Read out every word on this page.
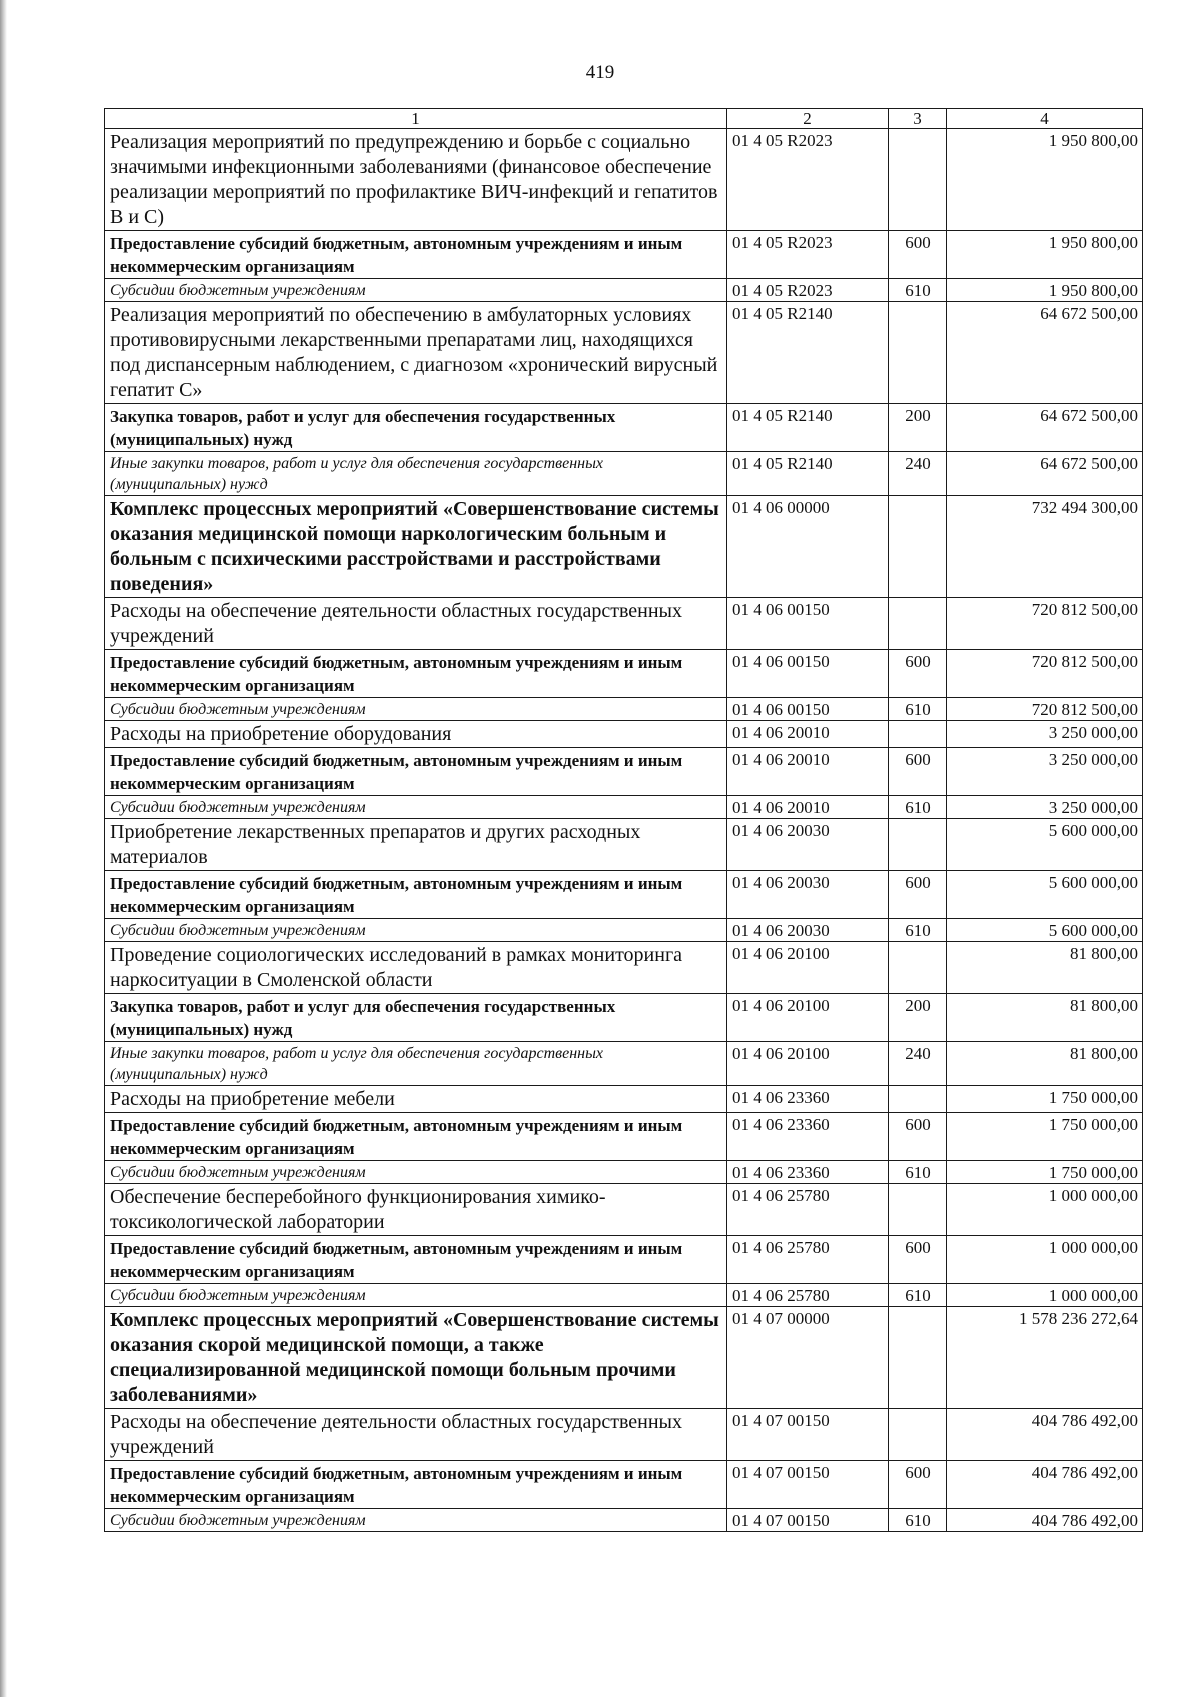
419
1	2	3	4
Реализация мероприятий по предупреждению и борьбе с социально значимыми инфекционными заболеваниями (финансовое обеспечение реализации мероприятий по профилактике ВИЧ-инфекций и гепатитов В и С)	01 4 05 R2023		1 950 800,00
Предоставление субсидий бюджетным, автономным учреждениям и иным некоммерческим организациям	01 4 05 R2023	600	1 950 800,00
Субсидии бюджетным учреждениям	01 4 05 R2023	610	1 950 800,00
Реализация мероприятий по обеспечению в амбулаторных условиях противовирусными лекарственными препаратами лиц, находящихся под диспансерным наблюдением, с диагнозом «хронический вирусный гепатит С»	01 4 05 R2140		64 672 500,00
Закупка товаров, работ и услуг для обеспечения государственных (муниципальных) нужд	01 4 05 R2140	200	64 672 500,00
Иные закупки товаров, работ и услуг для обеспечения государственных (муниципальных) нужд	01 4 05 R2140	240	64 672 500,00
Комплекс процессных мероприятий «Совершенствование системы оказания медицинской помощи наркологическим больным и больным с психическими расстройствами и расстройствами поведения»	01 4 06 00000		732 494 300,00
Расходы на обеспечение деятельности областных государственных учреждений	01 4 06 00150		720 812 500,00
Предоставление субсидий бюджетным, автономным учреждениям и иным некоммерческим организациям	01 4 06 00150	600	720 812 500,00
Субсидии бюджетным учреждениям	01 4 06 00150	610	720 812 500,00
Расходы на приобретение оборудования	01 4 06 20010		3 250 000,00
Предоставление субсидий бюджетным, автономным учреждениям и иным некоммерческим организациям	01 4 06 20010	600	3 250 000,00
Субсидии бюджетным учреждениям	01 4 06 20010	610	3 250 000,00
Приобретение лекарственных препаратов и других расходных материалов	01 4 06 20030		5 600 000,00
Предоставление субсидий бюджетным, автономным учреждениям и иным некоммерческим организациям	01 4 06 20030	600	5 600 000,00
Субсидии бюджетным учреждениям	01 4 06 20030	610	5 600 000,00
Проведение социологических исследований в рамках мониторинга наркоситуации в Смоленской области	01 4 06 20100		81 800,00
Закупка товаров, работ и услуг для обеспечения государственных (муниципальных) нужд	01 4 06 20100	200	81 800,00
Иные закупки товаров, работ и услуг для обеспечения государственных (муниципальных) нужд	01 4 06 20100	240	81 800,00
Расходы на приобретение мебели	01 4 06 23360		1 750 000,00
Предоставление субсидий бюджетным, автономным учреждениям и иным некоммерческим организациям	01 4 06 23360	600	1 750 000,00
Субсидии бюджетным учреждениям	01 4 06 23360	610	1 750 000,00
Обеспечение бесперебойного функционирования химико-токсикологической лаборатории	01 4 06 25780		1 000 000,00
Предоставление субсидий бюджетным, автономным учреждениям и иным некоммерческим организациям	01 4 06 25780	600	1 000 000,00
Субсидии бюджетным учреждениям	01 4 06 25780	610	1 000 000,00
Комплекс процессных мероприятий «Совершенствование системы оказания скорой медицинской помощи, а также специализированной медицинской помощи больным прочими заболеваниями»	01 4 07 00000		1 578 236 272,64
Расходы на обеспечение деятельности областных государственных учреждений	01 4 07 00150		404 786 492,00
Предоставление субсидий бюджетным, автономным учреждениям и иным некоммерческим организациям	01 4 07 00150	600	404 786 492,00
Субсидии бюджетным учреждениям	01 4 07 00150	610	404 786 492,00
